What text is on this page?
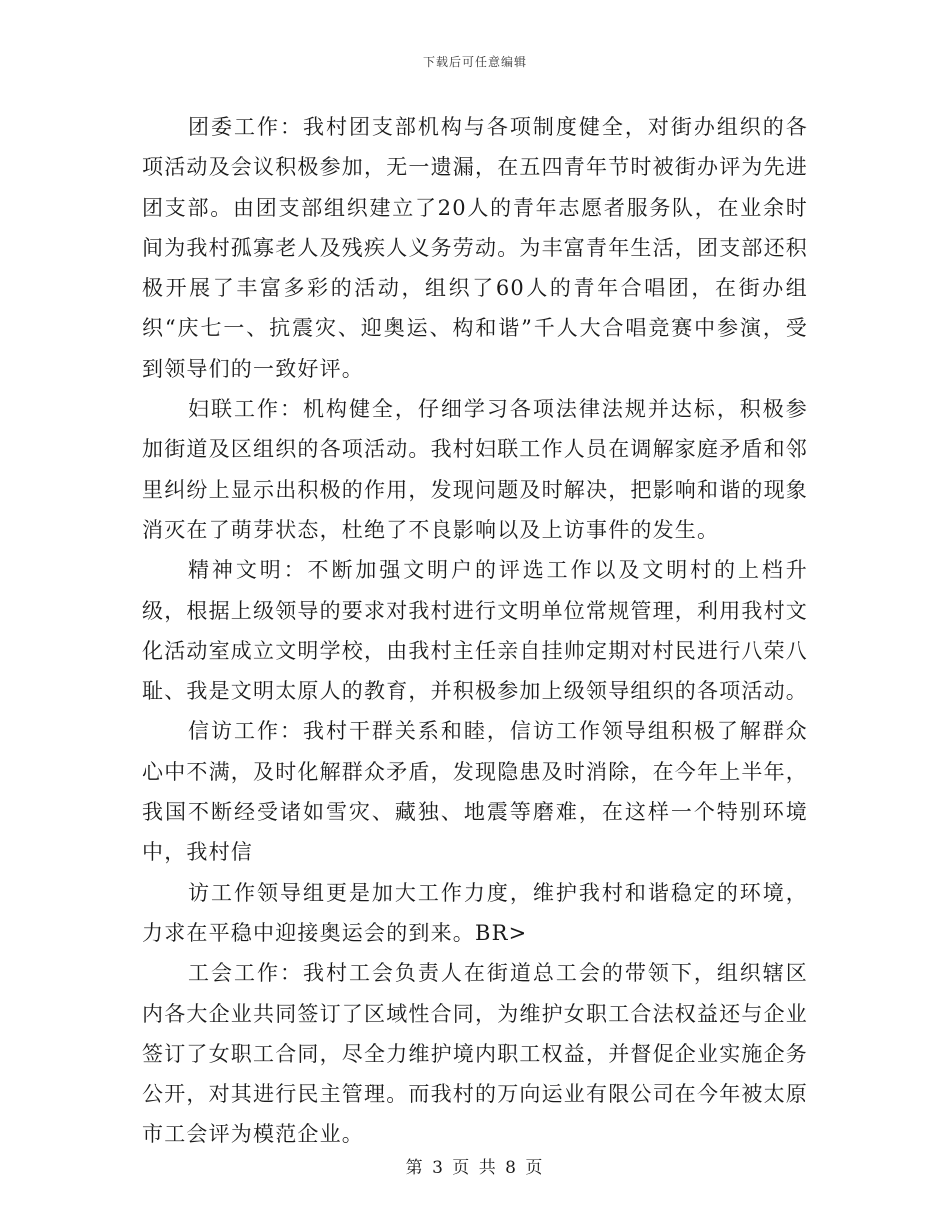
下载后可任意编辑

团委工作：我村团支部机构与各项制度健全，对街办组织的各项活动及会议积极参加，无一遗漏，在五四青年节时被街办评为先进团支部。由团支部组织建立了20人的青年志愿者服务队，在业余时间为我村孤寡老人及残疾人义务劳动。为丰富青年生活，团支部还积极开展了丰富多彩的活动，组织了60人的青年合唱团，在街办组织“庆七一、抗震灾、迎奥运、构和谐”千人大合唱竞赛中参演，受到领导们的一致好评。

妇联工作：机构健全，仔细学习各项法律法规并达标，积极参加街道及区组织的各项活动。我村妇联工作人员在调解家庭矛盾和邻里纠纷上显示出积极的作用，发现问题及时解决，把影响和谐的现象消灭在了萌芽状态，杜绝了不良影响以及上访事件的发生。

精神文明：不断加强文明户的评选工作以及文明村的上档升级，根据上级领导的要求对我村进行文明单位常规管理，利用我村文化活动室成立文明学校，由我村主任亲自挂帅定期对村民进行八荣八耻、我是文明太原人的教育，并积极参加上级领导组织的各项活动。

信访工作：我村干群关系和睦，信访工作领导组积极了解群众心中不满，及时化解群众矛盾，发现隐患及时消除，在今年上半年，我国不断经受诸如雪灾、藏独、地震等磨难，在这样一个特别环境中，我村信

访工作领导组更是加大工作力度，维护我村和谐稳定的环境，力求在平稳中迎接奥运会的到来。BR>

工会工作：我村工会负责人在街道总工会的带领下，组织辖区内各大企业共同签订了区域性合同，为维护女职工合法权益还与企业签订了女职工合同，尽全力维护境内职工权益，并督促企业实施企务公开，对其进行民主管理。而我村的万向运业有限公司在今年被太原市工会评为模范企业。

第 3 页 共 8 页
